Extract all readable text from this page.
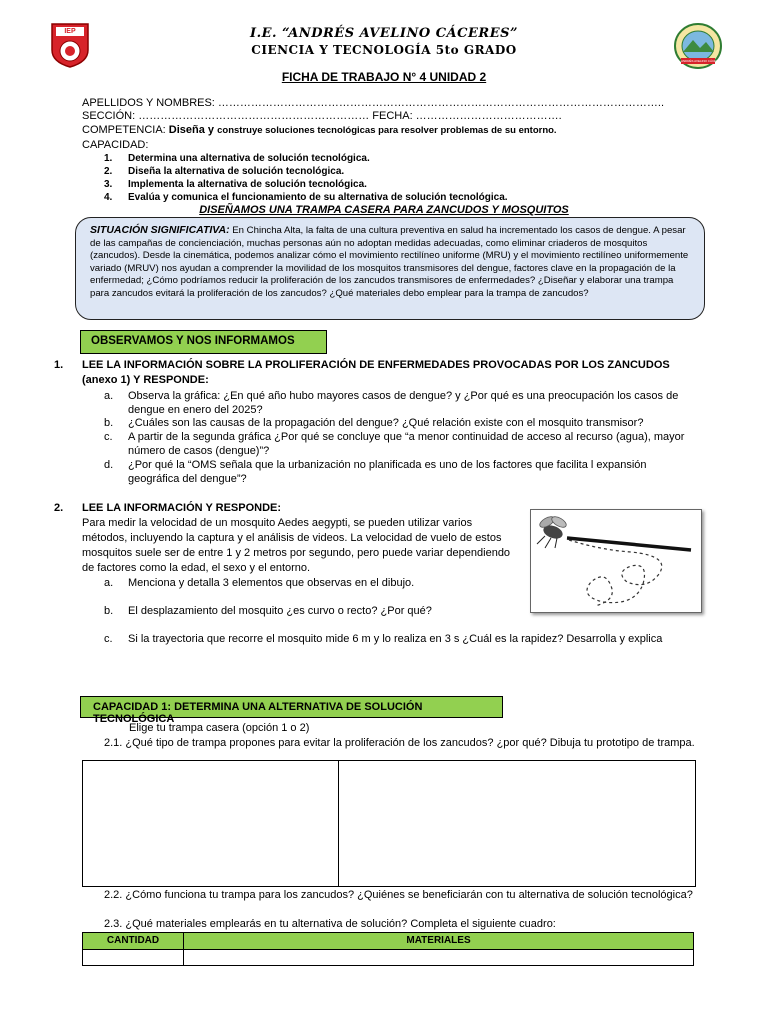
IEP
ANDRÉS AVELINO CÁCERES
I.E. “ANDRÉS AVELINO CÁCERES”
CIENCIA Y TECNOLOGÍA 5to GRADO
FICHA DE TRABAJO N° 4 UNIDAD 2
APELLIDOS Y NOMBRES: …………………………………………………………………………………………………………..
SECCIÓN: ……………………………………………………… FECHA: ………………………………….
COMPETENCIA: Diseña y construye soluciones tecnológicas para resolver problemas de su entorno.
CAPACIDAD:
1. Determina una alternativa de solución tecnológica.
2. Diseña la alternativa de solución tecnológica.
3. Implementa la alternativa de solución tecnológica.
4. Evalúa y comunica el funcionamiento de su alternativa de solución tecnológica.
DISEÑAMOS UNA TRAMPA CASERA PARA ZANCUDOS Y MOSQUITOS
SITUACIÓN SIGNIFICATIVA: En Chincha Alta, la falta de una cultura preventiva en salud ha incrementado los casos de dengue. A pesar de las campañas de concienciación, muchas personas aún no adoptan medidas adecuadas, como eliminar criaderos de mosquitos (zancudos). Desde la cinemática, podemos analizar cómo el movimiento rectilíneo uniforme (MRU) y el movimiento rectilíneo uniformemente variado (MRUV) nos ayudan a comprender la movilidad de los mosquitos transmisores del dengue, factores clave en la propagación de la enfermedad; ¿Cómo podríamos reducir la proliferación de los zancudos transmisores de enfermedades? ¿Diseñar y elaborar una trampa para zancudos evitará la proliferación de los zancudos? ¿Qué materiales debo emplear para la trampa de zancudos?
OBSERVAMOS Y NOS INFORMAMOS
1. LEE LA INFORMACIÓN SOBRE LA PROLIFERACIÓN DE ENFERMEDADES PROVOCADAS POR LOS ZANCUDOS (anexo 1) Y RESPONDE:
a. Observa la gráfica: ¿En qué año hubo mayores casos de dengue? y ¿Por qué es una preocupación los casos de dengue en enero del 2025?
b. ¿Cuáles son las causas de la propagación del dengue? ¿Qué relación existe con el mosquito transmisor?
c. A partir de la segunda gráfica ¿Por qué se concluye que “a menor continuidad de acceso al recurso (agua), mayor número de casos (dengue)”?
d. ¿Por qué la “OMS señala que la urbanización no planificada es uno de los factores que facilita l expansión geográfica del dengue”?
2. LEE LA INFORMACIÓN Y RESPONDE:
Para medir la velocidad de un mosquito Aedes aegypti, se pueden utilizar varios métodos, incluyendo la captura y el análisis de videos. La velocidad de vuelo de estos mosquitos suele ser de entre 1 y 2 metros por segundo, pero puede variar dependiendo de factores como la edad, el sexo y el entorno.
a. Menciona y detalla 3 elementos que observas en el dibujo.
b. El desplazamiento del mosquito ¿es curvo o recto? ¿Por qué?
c. Si la trayectoria que recorre el mosquito mide 6 m y lo realiza en 3 s ¿Cuál es la rapidez? Desarrolla y explica
CAPACIDAD 1: DETERMINA UNA ALTERNATIVA DE SOLUCIÓN TECNOLÓGICA
Elige tu trampa casera (opción 1 o 2)
2.1. ¿Qué tipo de trampa propones para evitar la proliferación de los zancudos? ¿por qué? Dibuja tu prototipo de trampa.
2.2. ¿Cómo funciona tu trampa para los zancudos? ¿Quiénes se beneficiarán con tu alternativa de solución tecnológica?
2.3. ¿Qué materiales emplearás en tu alternativa de solución? Completa el siguiente cuadro:
CANTIDAD	MATERIALES
